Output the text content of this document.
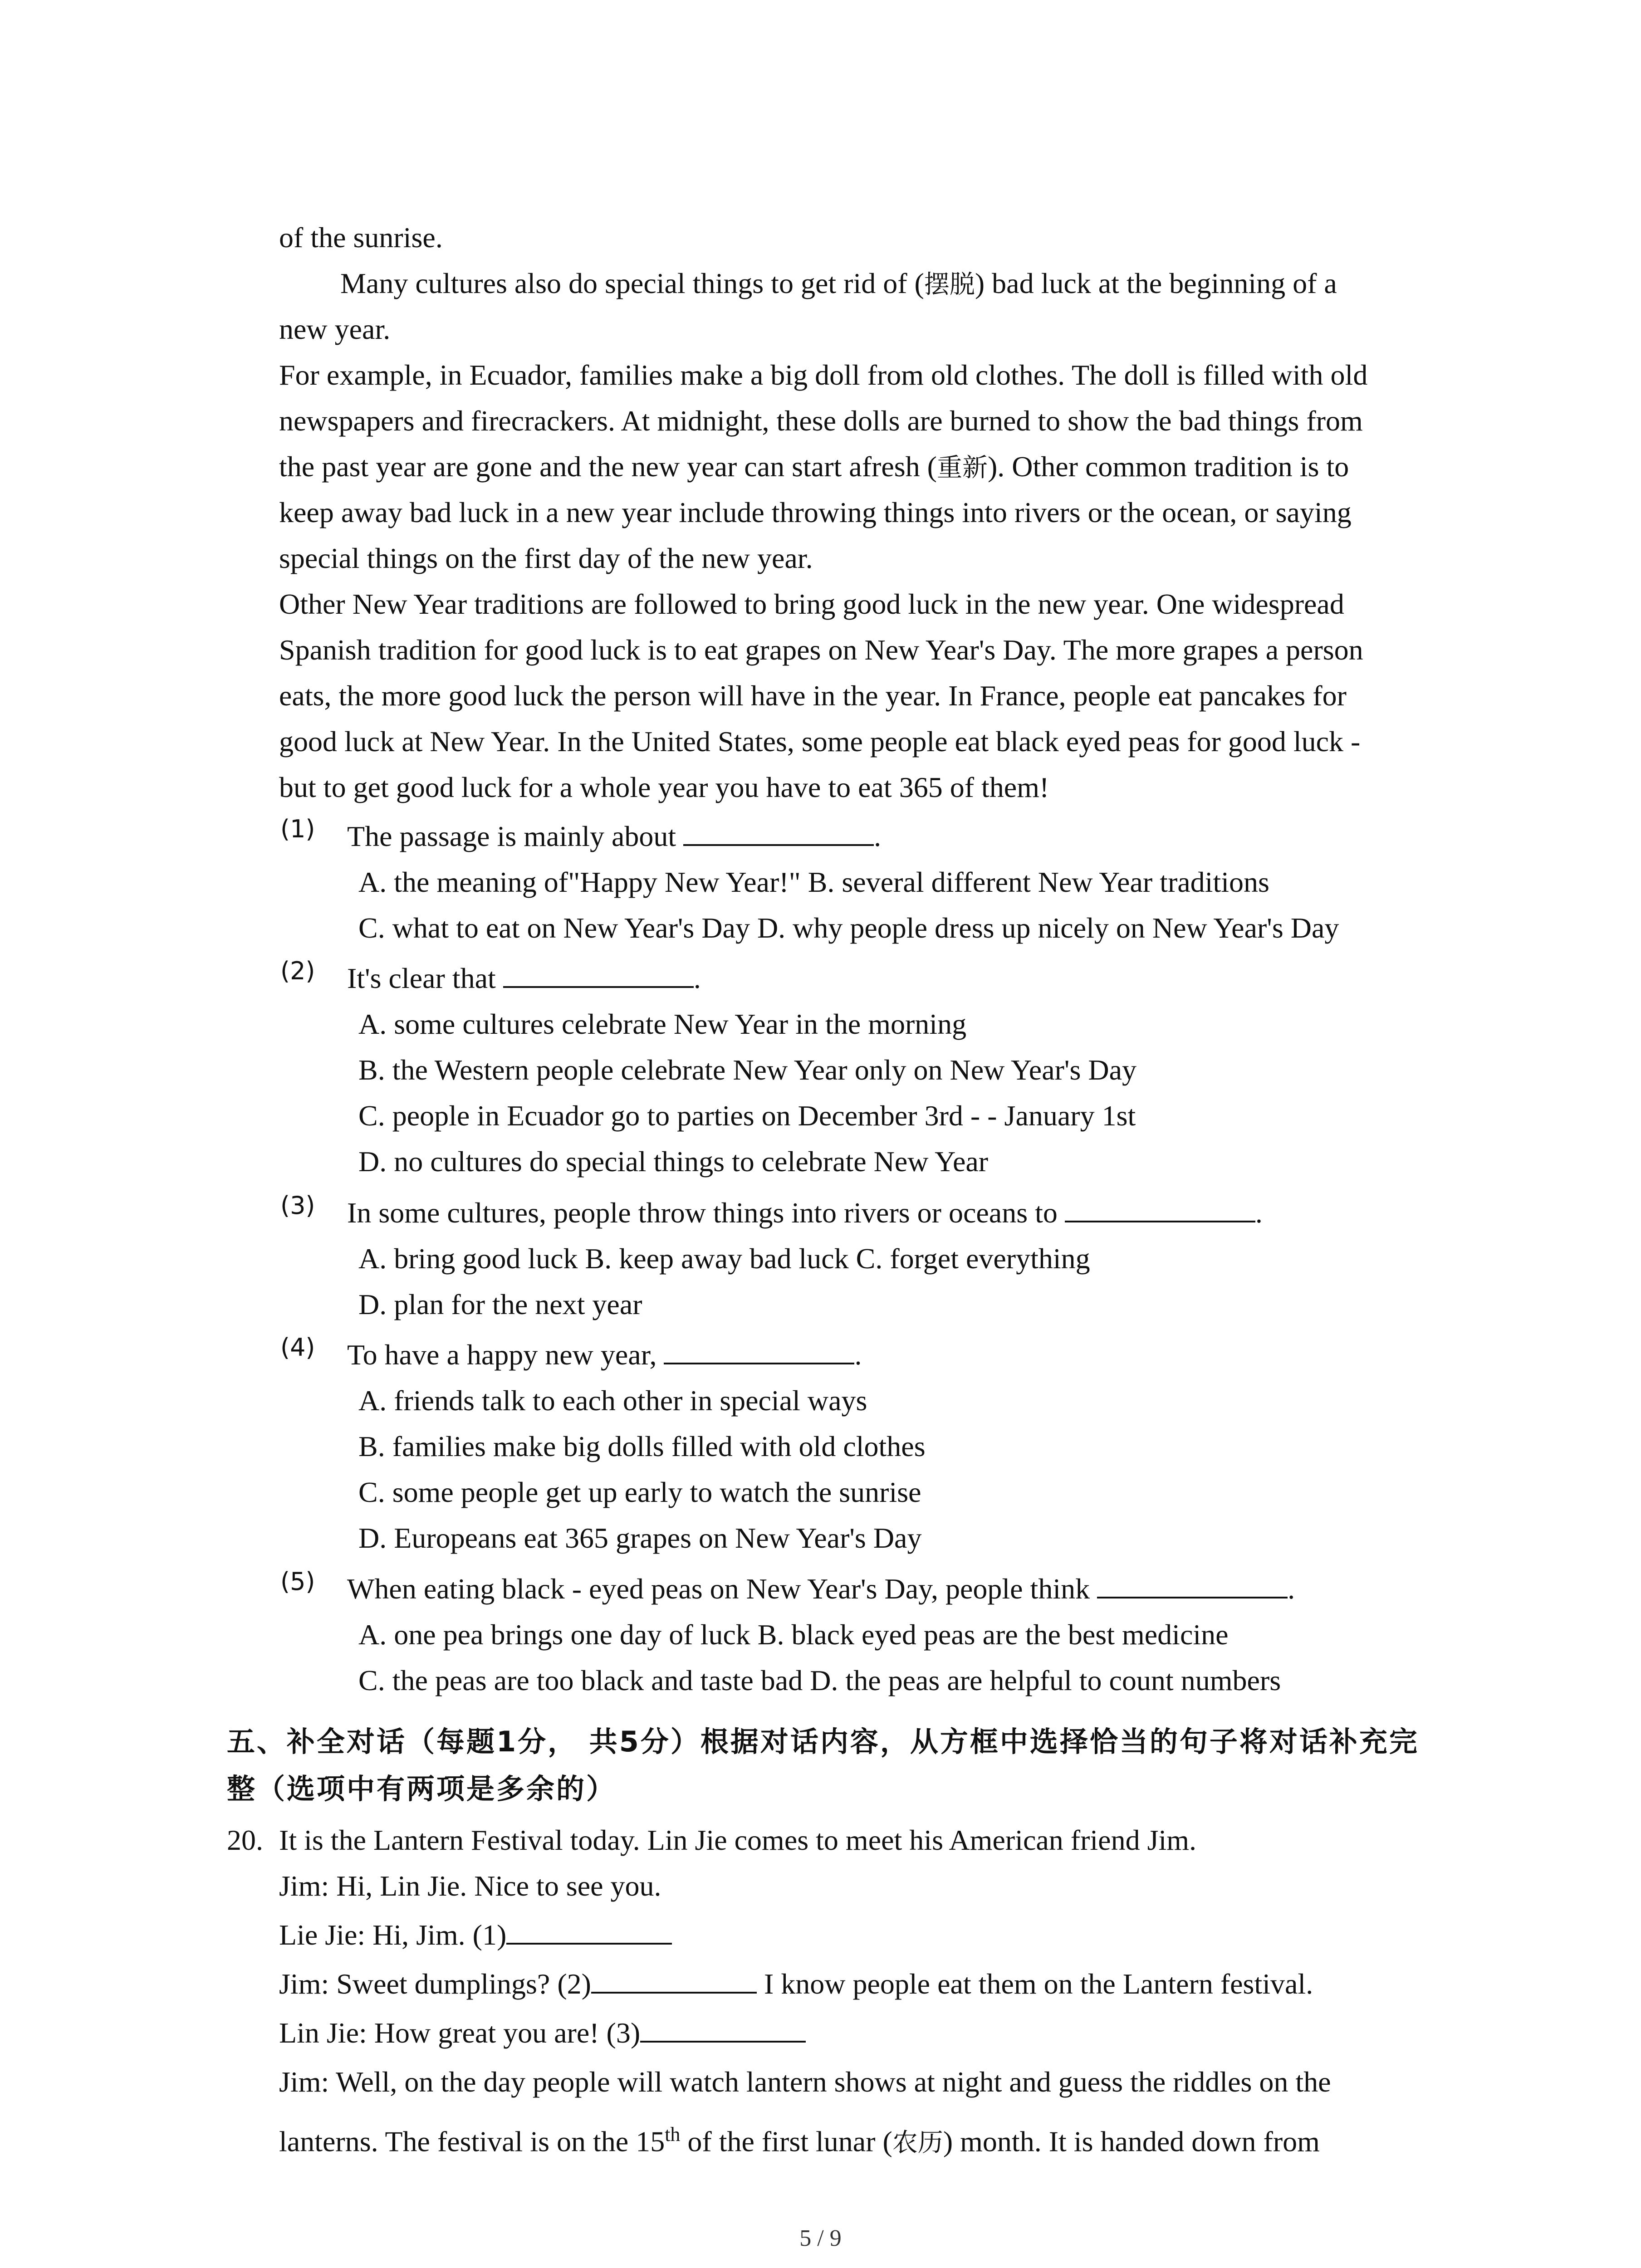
of the sunrise.
Many cultures also do special things to get rid of (摆脱) bad luck at the beginning of a
new year.
For example, in Ecuador, families make a big doll from old clothes. The doll is filled with old
newspapers and firecrackers. At midnight, these dolls are burned to show the bad things from
the past year are gone and the new year can start afresh (重新). Other common tradition is to
keep away bad luck in a new year include throwing things into rivers or the ocean, or saying
special things on the first day of the new year.
Other New Year traditions are followed to bring good luck in the new year. One widespread
Spanish tradition for good luck is to eat grapes on New Year's Day. The more grapes a person
eats, the more good luck the person will have in the year. In France, people eat pancakes for
good luck at New Year. In the United States, some people eat black eyed peas for good luck -
but to get good luck for a whole year you have to eat 365 of them!
(1) The passage is mainly about	.
A. the meaning of"Happy New Year!" B. several different New Year traditions
C. what to eat on New Year's Day D. why people dress up nicely on New Year's Day
(2) It's clear that	.
A. some cultures celebrate New Year in the morning
B. the Western people celebrate New Year only on New Year's Day
C. people in Ecuador go to parties on December 3rd - - January 1st
D. no cultures do special things to celebrate New Year
(3) In some cultures, people throw things into rivers or oceans to	.
A. bring good luck B. keep away bad luck C. forget everything
D. plan for the next year
(4) To have a happy new year,	.
A. friends talk to each other in special ways
B. families make big dolls filled with old clothes
C. some people get up early to watch the sunrise
D. Europeans eat 365 grapes on New Year's Day
(5) When eating black - eyed peas on New Year's Day, people think	.
A. one pea brings one day of luck B. black eyed peas are the best medicine
C. the peas are too black and taste bad D. the peas are helpful to count numbers
五、补全对话（每题1分， 共5分）根据对话内容，从方框中选择恰当的句子将对话补充完
整（选项中有两项是多余的）
20. It is the Lantern Festival today. Lin Jie comes to meet his American friend Jim.
Jim: Hi, Lin Jie. Nice to see you.
Lie Jie: Hi, Jim. (1)
Jim: Sweet dumplings? (2)	I know people eat them on the Lantern festival.
Lin Jie: How great you are! (3)
Jim: Well, on the day people will watch lantern shows at night and guess the riddles on the
lanterns. The festival is on the 15th of the first lunar (农历) month. It is handed down from
5 / 9
